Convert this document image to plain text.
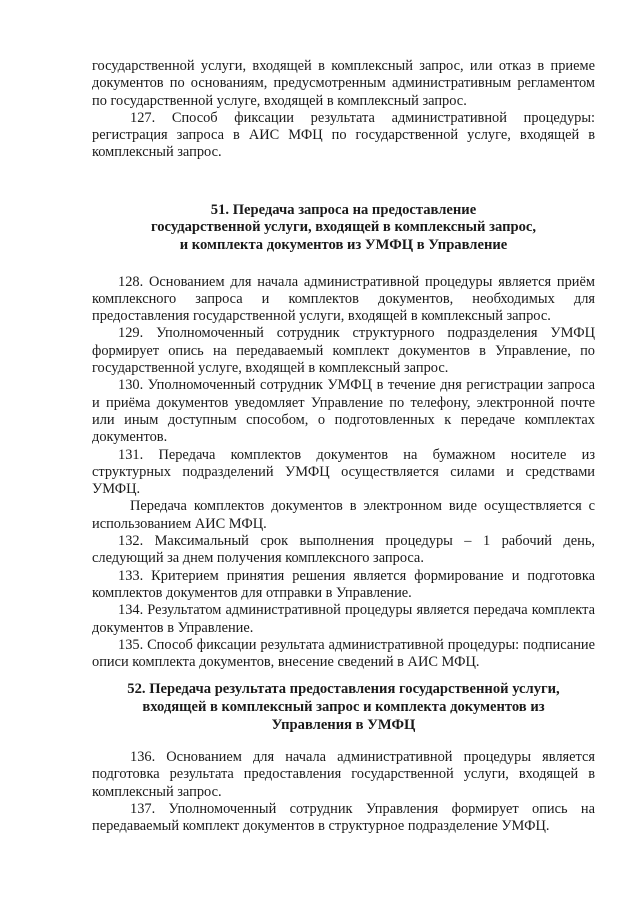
государственной услуги, входящей в комплексный запрос, или отказ в приеме документов по основаниям, предусмотренным административным регламентом по государственной услуге, входящей в комплексный запрос.

127. Способ фиксации результата административной процедуры: регистрация запроса в АИС МФЦ по государственной услуге, входящей в комплексный запрос.

51. Передача запроса на предоставление

государственной услуги, входящей в комплексный запрос,

и комплекта документов из УМФЦ в Управление

128. Основанием для начала административной процедуры является приём комплексного запроса и комплектов документов, необходимых для предоставления государственной услуги, входящей в комплексный запрос.

129. Уполномоченный сотрудник структурного подразделения УМФЦ формирует опись на передаваемый комплект документов в Управление, по государственной услуге, входящей в комплексный запрос.

130. Уполномоченный сотрудник УМФЦ в течение дня регистрации запроса и приёма документов уведомляет Управление по телефону, электронной почте или иным доступным способом, о подготовленных к передаче комплектах документов.

131. Передача комплектов документов на бумажном носителе из структурных подразделений УМФЦ осуществляется силами и средствами УМФЦ.

Передача комплектов документов в электронном виде осуществляется с использованием АИС МФЦ.

132. Максимальный срок выполнения процедуры – 1 рабочий день, следующий за днем получения комплексного запроса.

133. Критерием принятия решения является формирование и подготовка комплектов документов для отправки в Управление.

134. Результатом административной процедуры является передача комплекта документов в Управление.

135. Способ фиксации результата административной процедуры: подписание описи комплекта документов, внесение сведений в АИС МФЦ.

52. Передача результата предоставления государственной услуги,

входящей в комплексный запрос и комплекта документов из

Управления в УМФЦ

136. Основанием для начала административной процедуры является подготовка результата предоставления государственной услуги, входящей в комплексный запрос.

137. Уполномоченный сотрудник Управления формирует опись на передаваемый комплект документов в структурное подразделение УМФЦ.
